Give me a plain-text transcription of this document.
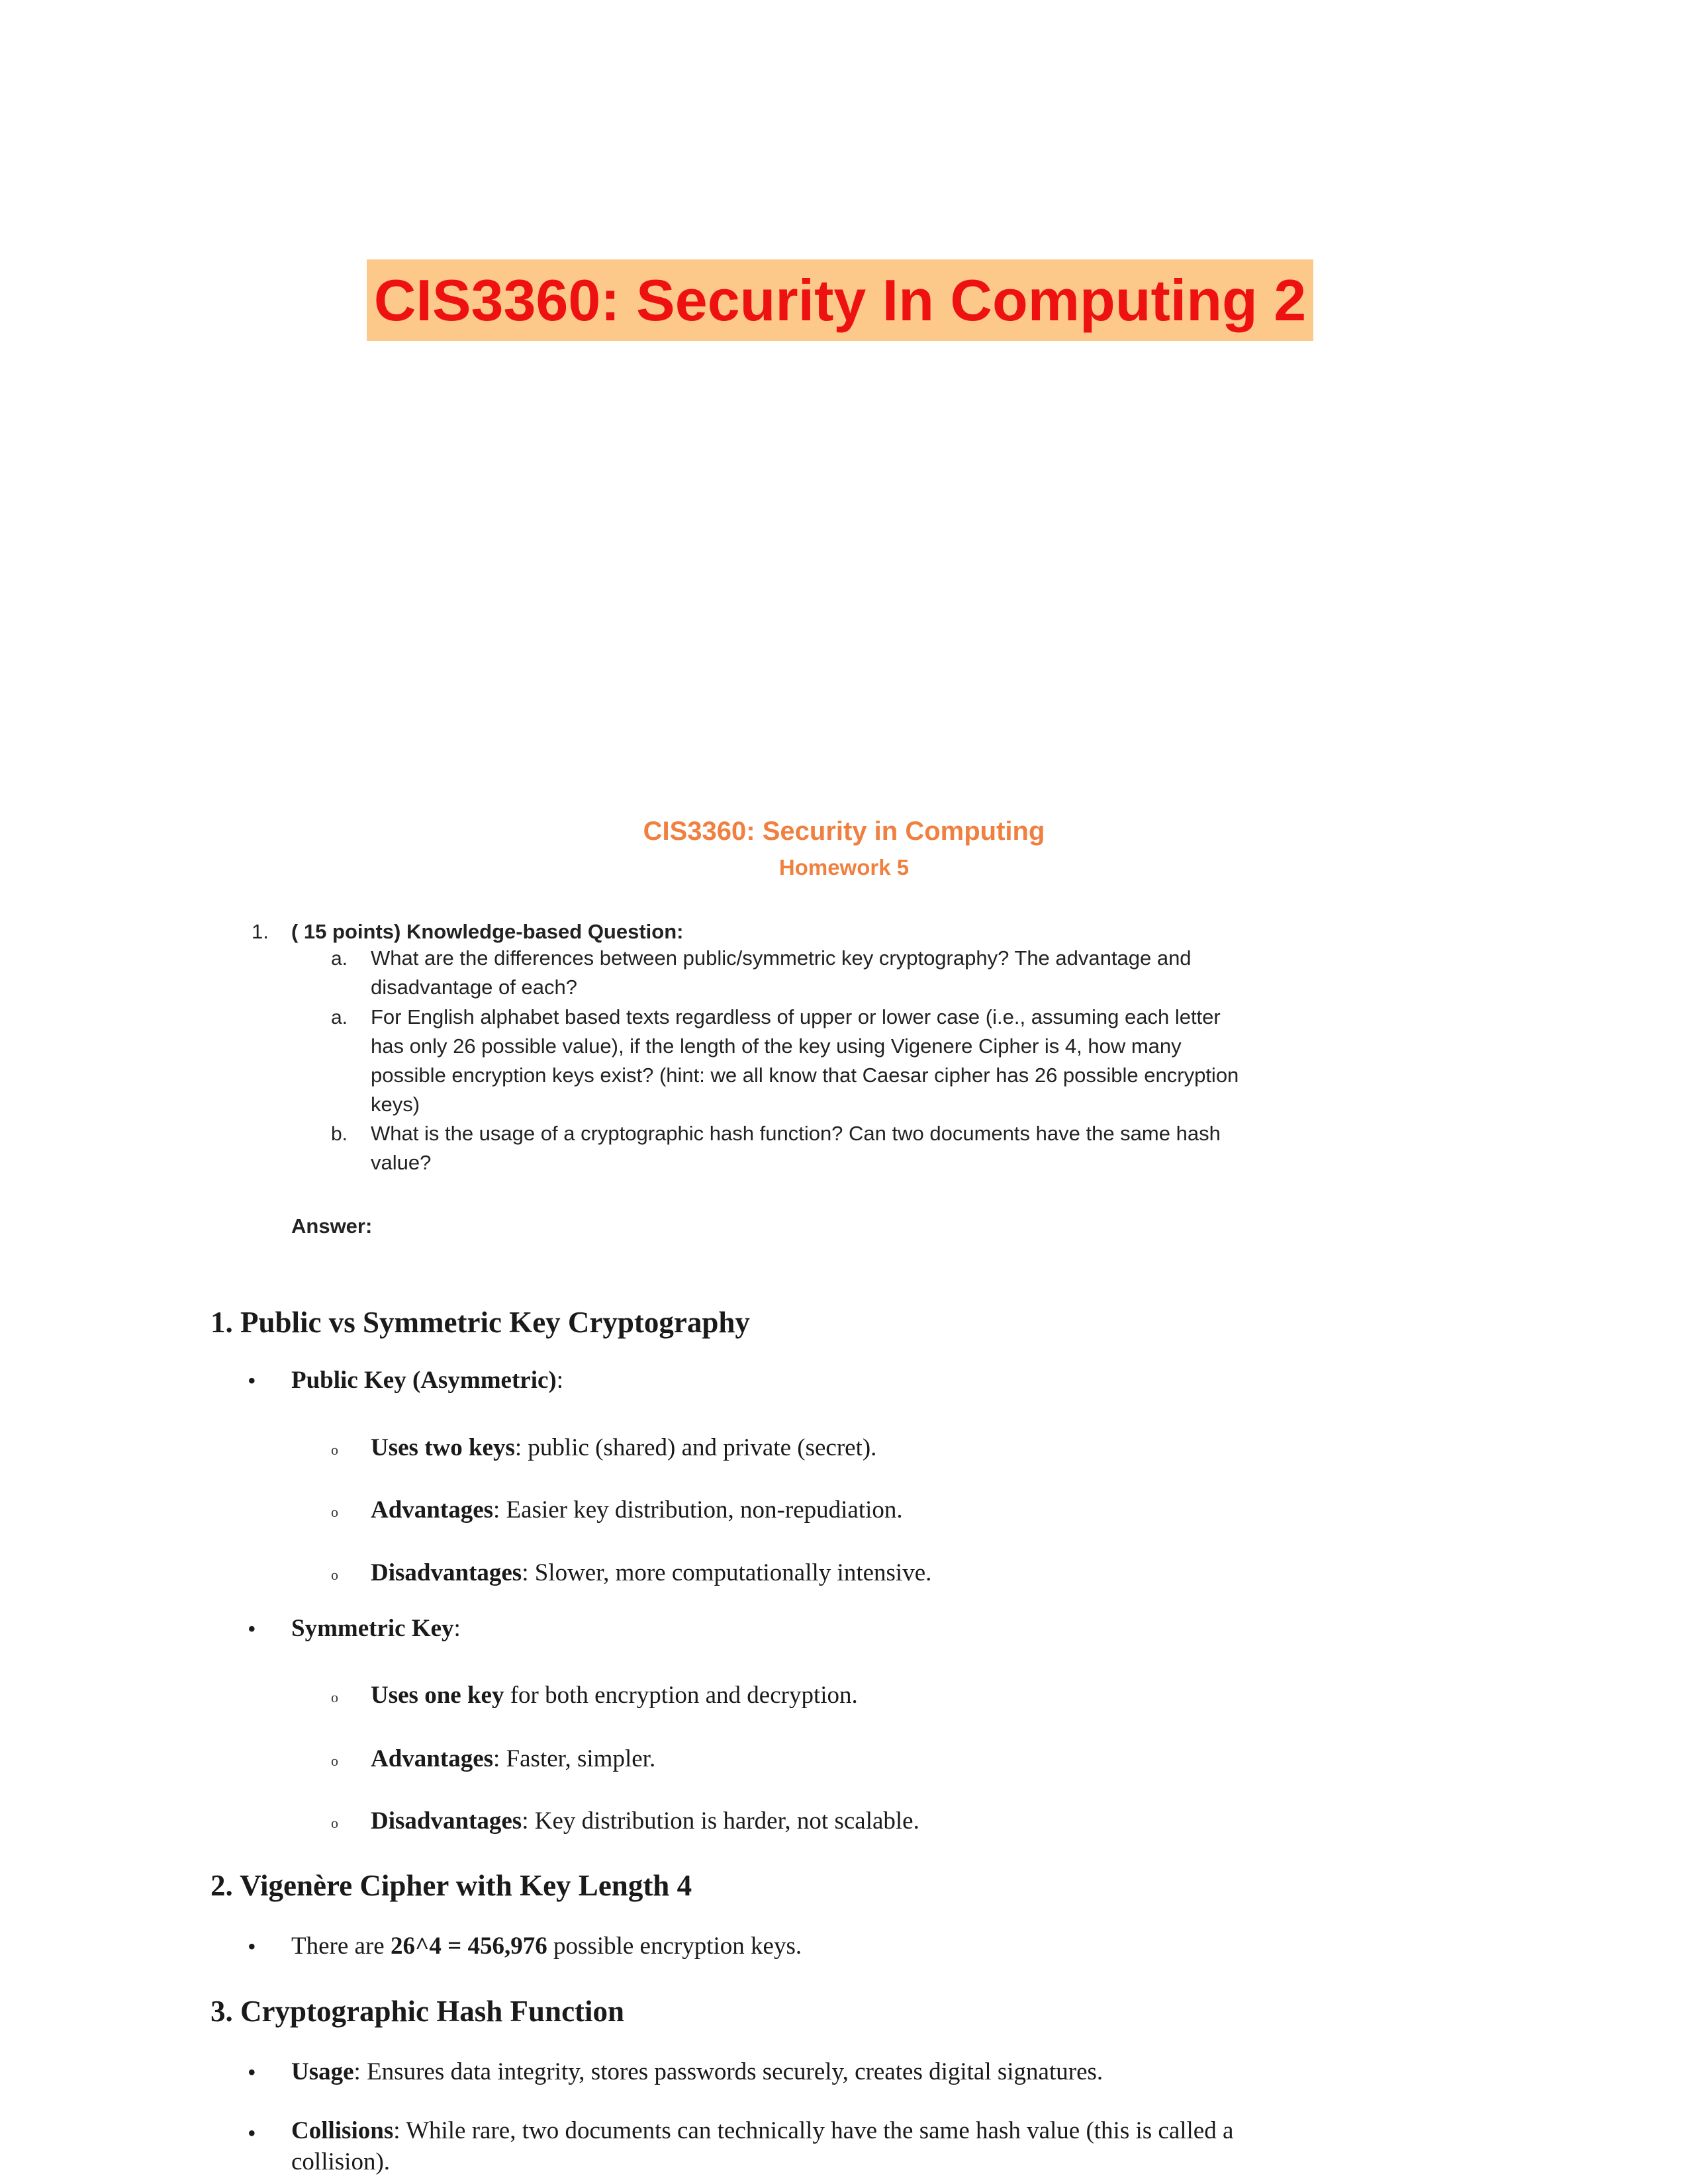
CIS3360: Security In Computing 2
CIS3360: Security in Computing
Homework 5
1. ( 15 points) Knowledge-based Question:
a. What are the differences between public/symmetric key cryptography? The advantage and disadvantage of each?
a. For English alphabet based texts regardless of upper or lower case (i.e., assuming each letter has only 26 possible value), if the length of the key using Vigenere Cipher is 4, how many possible encryption keys exist? (hint: we all know that Caesar cipher has 26 possible encryption keys)
b. What is the usage of a cryptographic hash function? Can two documents have the same hash value?
Answer:
1. Public vs Symmetric Key Cryptography
• Public Key (Asymmetric):
o Uses two keys: public (shared) and private (secret).
o Advantages: Easier key distribution, non-repudiation.
o Disadvantages: Slower, more computationally intensive.
• Symmetric Key:
o Uses one key for both encryption and decryption.
o Advantages: Faster, simpler.
o Disadvantages: Key distribution is harder, not scalable.
2. Vigenère Cipher with Key Length 4
• There are 26^4 = 456,976 possible encryption keys.
3. Cryptographic Hash Function
• Usage: Ensures data integrity, stores passwords securely, creates digital signatures.
• Collisions: While rare, two documents can technically have the same hash value (this is called a collision).
